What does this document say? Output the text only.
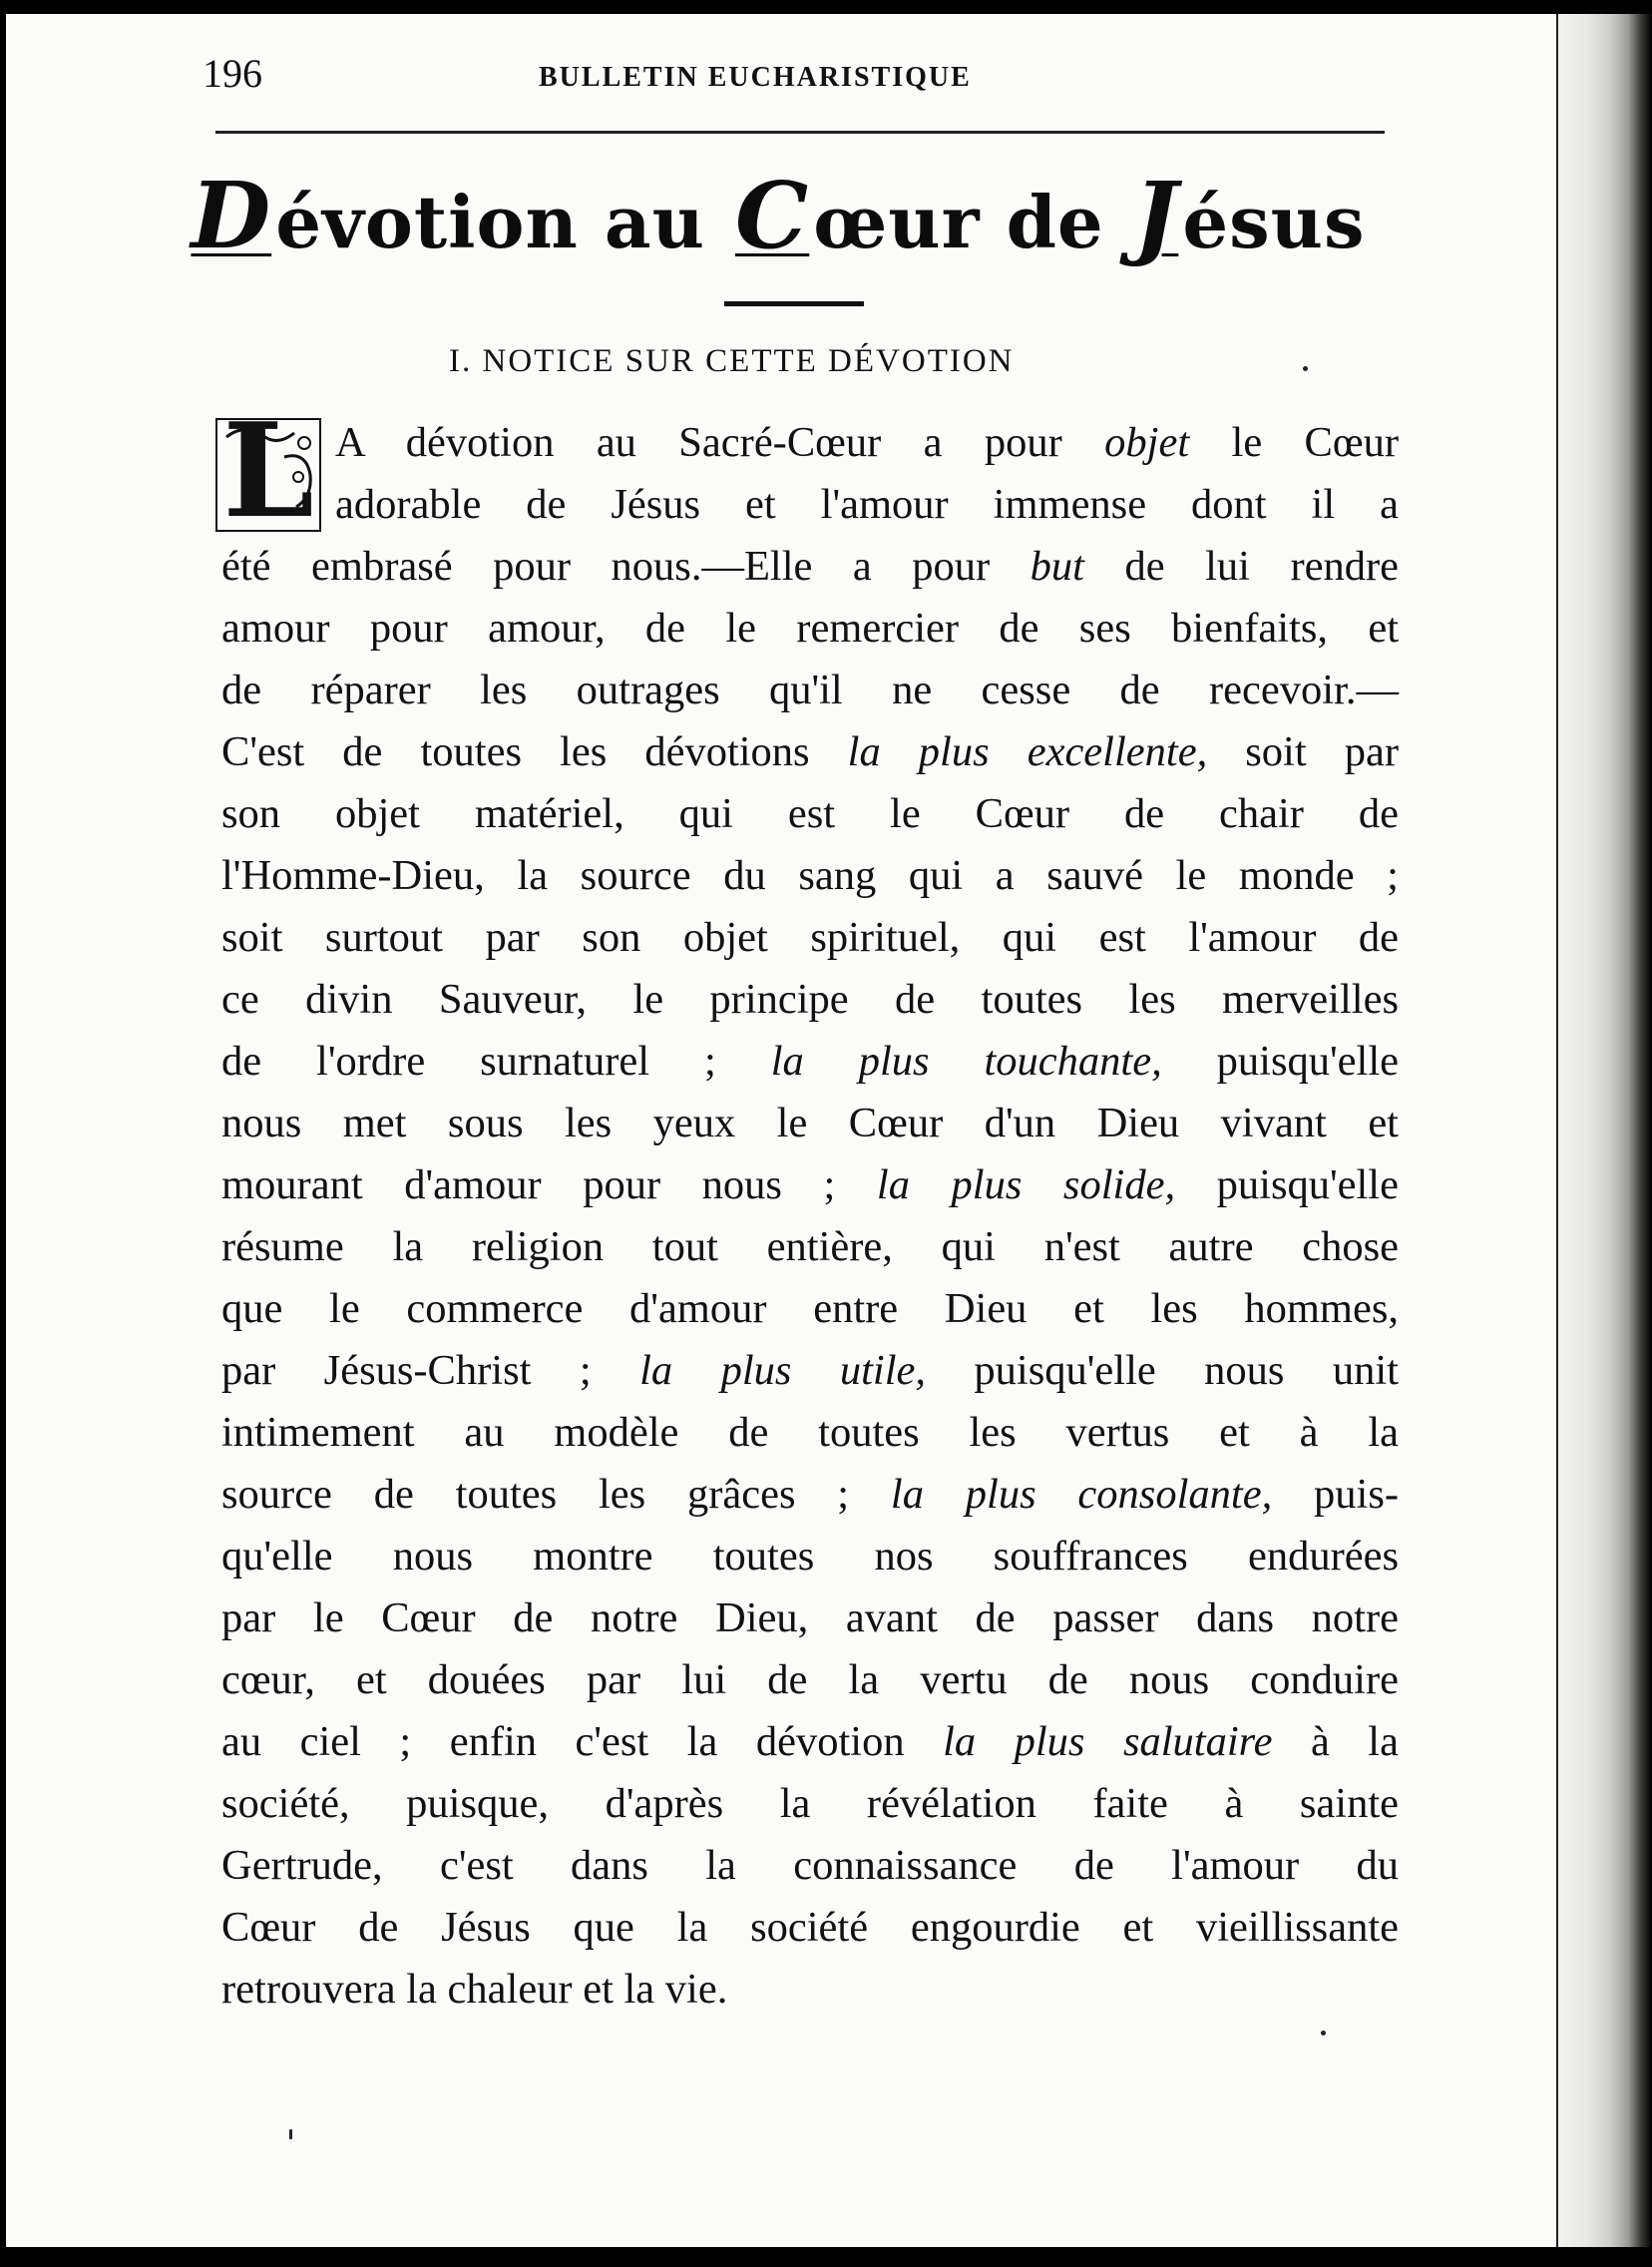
196	BULLETIN EUCHARISTIQUE
Dévotion au Cœur de Jésus
I. NOTICE SUR CETTE DÉVOTION
L A dévotion au Sacré-Cœur a pour objet le Cœur
adorable de Jésus et l'amour immense dont il a
été embrasé pour nous.—Elle a pour but de lui rendre
amour pour amour, de le remercier de ses bienfaits, et
de réparer les outrages qu'il ne cesse de recevoir.—
C'est de toutes les dévotions la plus excellente, soit par
son objet matériel, qui est le Cœur de chair de
l'Homme-Dieu, la source du sang qui a sauvé le monde ;
soit surtout par son objet spirituel, qui est l'amour de
ce divin Sauveur, le principe de toutes les merveilles
de l'ordre surnaturel ; la plus touchante, puisqu'elle
nous met sous les yeux le Cœur d'un Dieu vivant et
mourant d'amour pour nous ; la plus solide, puisqu'elle
résume la religion tout entière, qui n'est autre chose
que le commerce d'amour entre Dieu et les hommes,
par Jésus-Christ ; la plus utile, puisqu'elle nous unit
intimement au modèle de toutes les vertus et à la
source de toutes les grâces ; la plus consolante, puis-
qu'elle nous montre toutes nos souffrances endurées
par le Cœur de notre Dieu, avant de passer dans notre
cœur, et douées par lui de la vertu de nous conduire
au ciel ; enfin c'est la dévotion la plus salutaire à la
société, puisque, d'après la révélation faite à sainte
Gertrude, c'est dans la connaissance de l'amour du
Cœur de Jésus que la société engourdie et vieillissante
retrouvera la chaleur et la vie.
